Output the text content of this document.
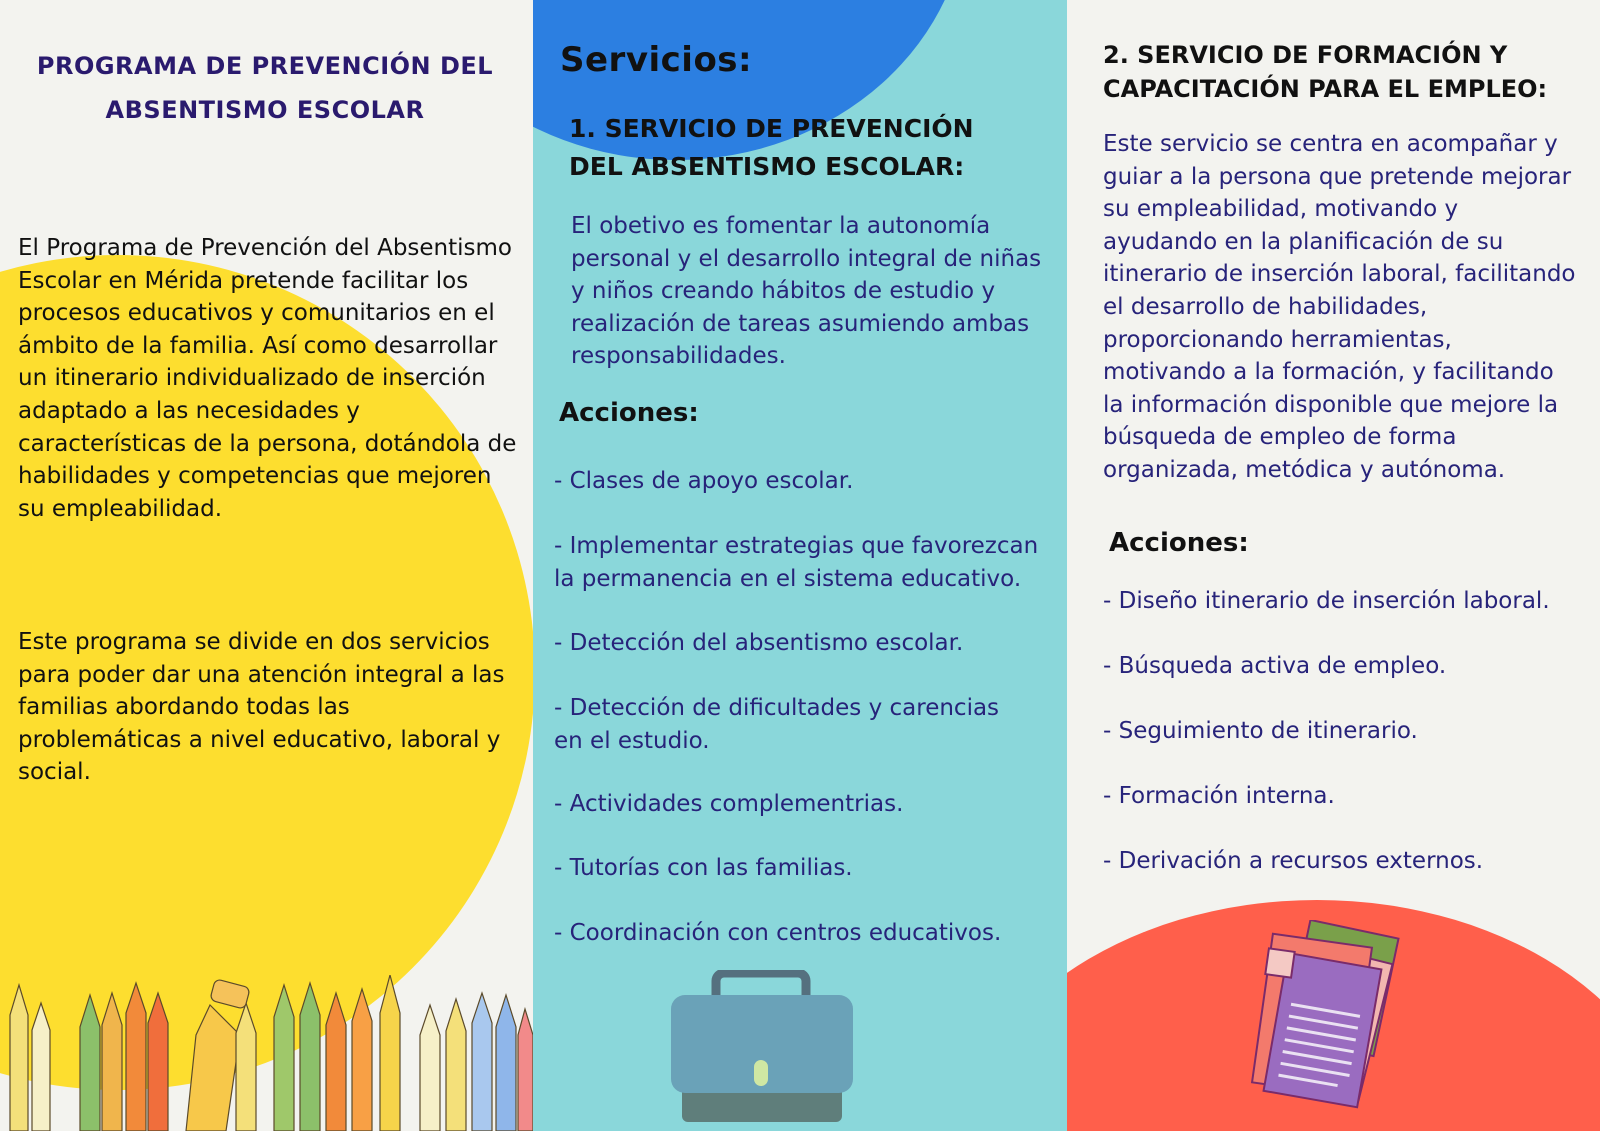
PROGRAMA DE PREVENCIÓN DEL
ABSENTISMO ESCOLAR

El Programa de Prevención del Absentismo Escolar en Mérida pretende facilitar los procesos educativos y comunitarios en el ámbito de la familia. Así como desarrollar un itinerario individualizado de inserción adaptado a las necesidades y características de la persona, dotándola de habilidades y competencias que mejoren su empleabilidad.

Este programa se divide en dos servicios para poder dar una atención integral a las familias abordando todas las problemáticas a nivel educativo, laboral y social.

Servicios:
1. SERVICIO DE PREVENCIÓN
DEL ABSENTISMO ESCOLAR:

El obetivo es fomentar la autonomía personal y el desarrollo integral de niñas y niños creando hábitos de estudio y realización de tareas asumiendo ambas responsabilidades.

Acciones:
- Clases de apoyo escolar.
- Implementar estrategias que favorezcan la permanencia en el sistema educativo.
- Detección del absentismo escolar.
- Detección de dificultades y carencias en el estudio.
- Actividades complementrias.
- Tutorías con las familias.
- Coordinación con centros educativos.
2. SERVICIO DE FORMACIÓN Y
CAPACITACIÓN PARA EL EMPLEO:

Este servicio se centra en acompañar y guiar a la persona que pretende mejorar su empleabilidad, motivando y ayudando en la planificación de su itinerario de inserción laboral, facilitando el desarrollo de habilidades, proporcionando herramientas, motivando a la formación, y facilitando la información disponible que mejore la búsqueda de empleo de forma organizada, metódica y autónoma.

Acciones:
- Diseño itinerario de inserción laboral.
- Búsqueda activa de empleo.
- Seguimiento de itinerario.
- Formación interna.
- Derivación a recursos externos.
